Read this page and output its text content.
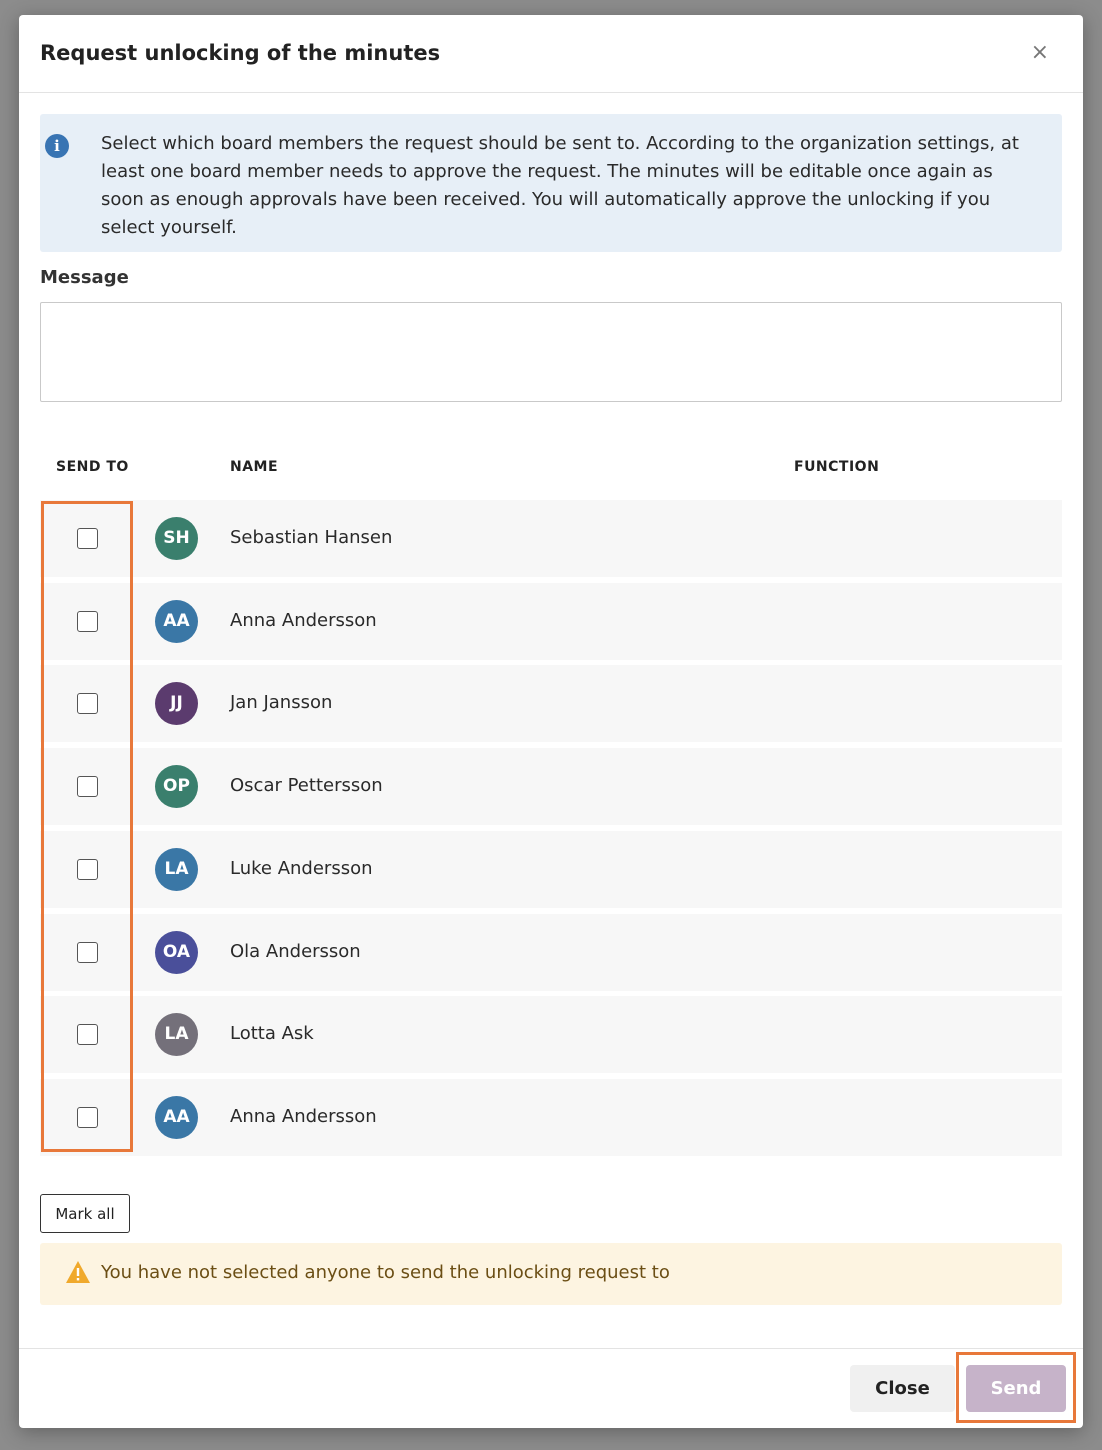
Request unlocking of the minutes	×
Select which board members the request should be sent to. According to the organization settings, at least one board member needs to approve the request. The minutes will be editable once again as soon as enough approvals have been received. You will automatically approve the unlocking if you select yourself.
i
Message
SEND TO	NAME	FUNCTION
SH	Sebastian Hansen
AA	Anna Andersson
JJ	Jan Jansson
OP	Oscar Pettersson
LA	Luke Andersson
OA	Ola Andersson
LA	Lotta Ask
AA	Anna Andersson
Mark all
You have not selected anyone to send the unlocking request to
Close	Send
